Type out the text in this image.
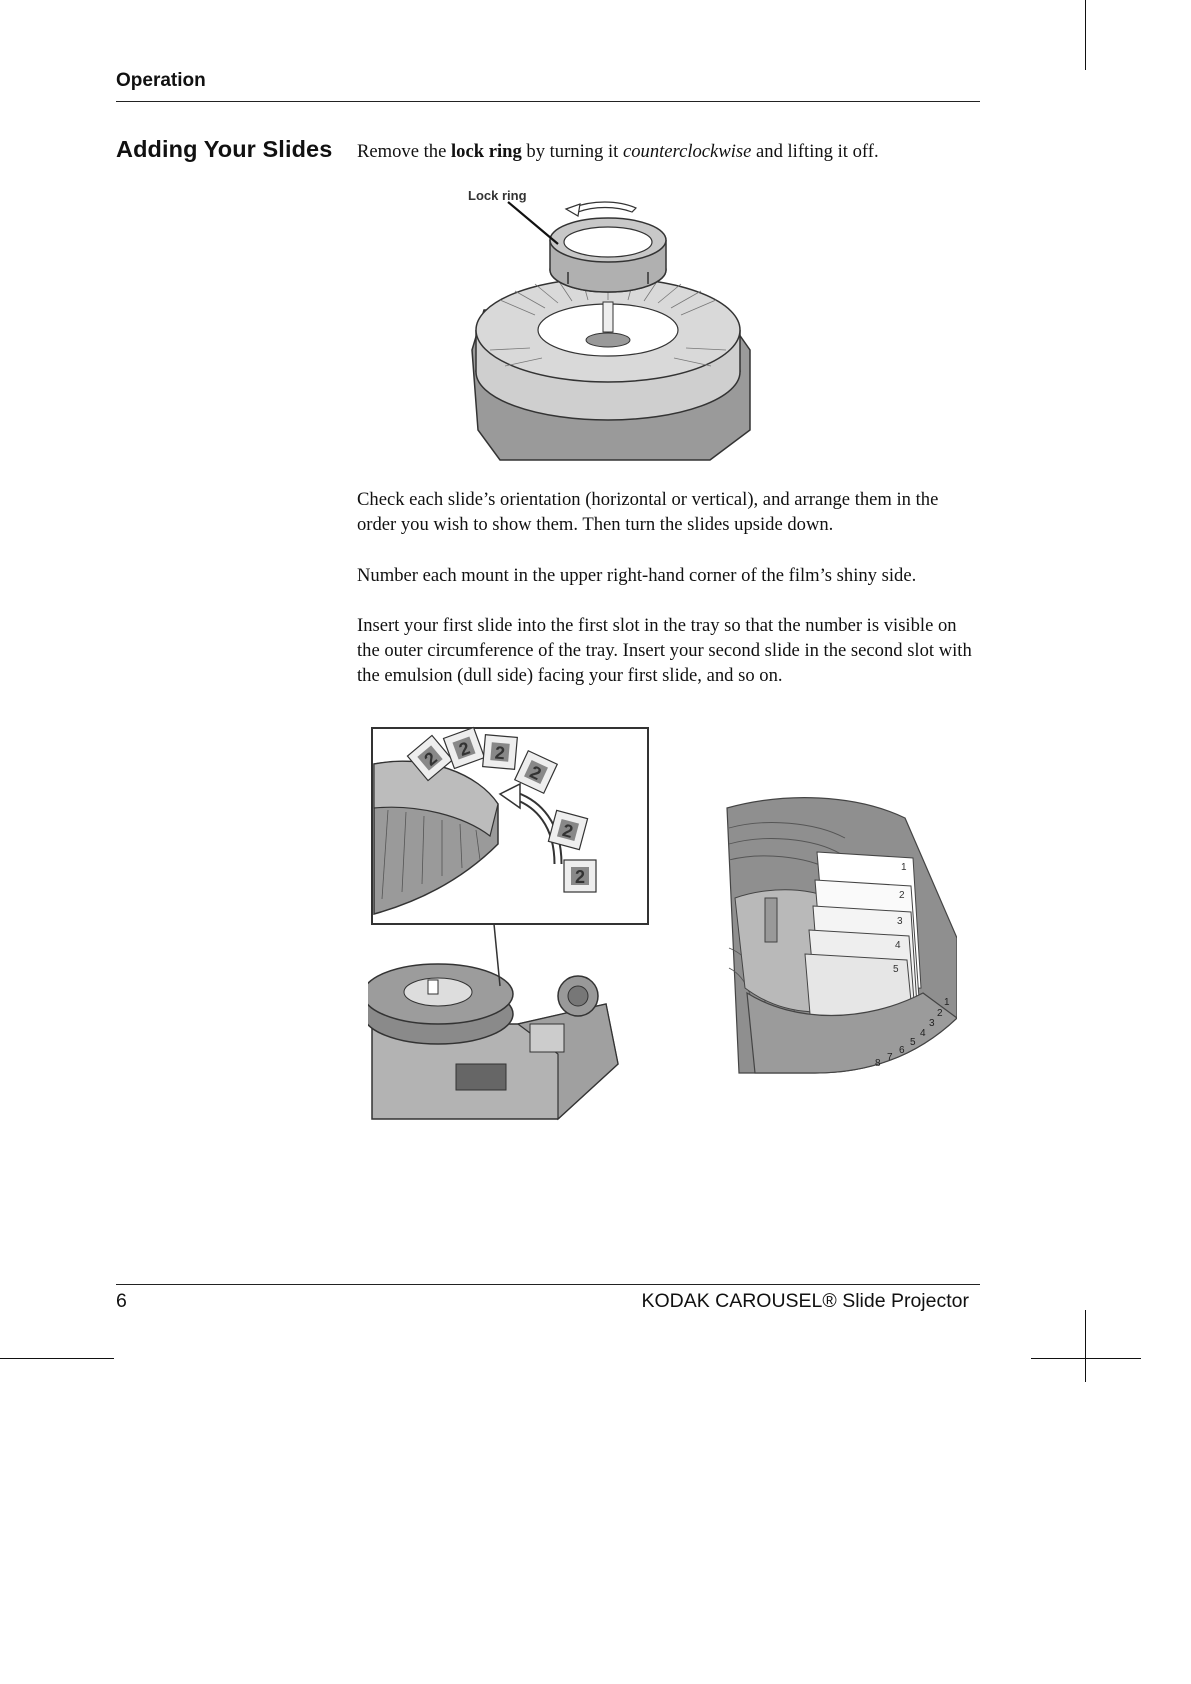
Operation
Adding Your Slides Remove the lock ring by turning it counterclockwise and lifting it off.
Lock ring
Check each slide’s orientation (horizontal or vertical), and arrange them in the order you wish to show them. Then turn the slides upside down.
Number each mount in the upper right-hand corner of the film’s shiny side.
Insert your first slide into the first slot in the tray so that the number is visible on the outer circumference of the tray. Insert your second slide in the second slot with the emulsion (dull side) facing your first slide, and so on.
2 2 2
2
2
2	1
2
3
4
5
8
7
6
5
4
3
2
1
6	KODAK CAROUSEL® Slide Projector
